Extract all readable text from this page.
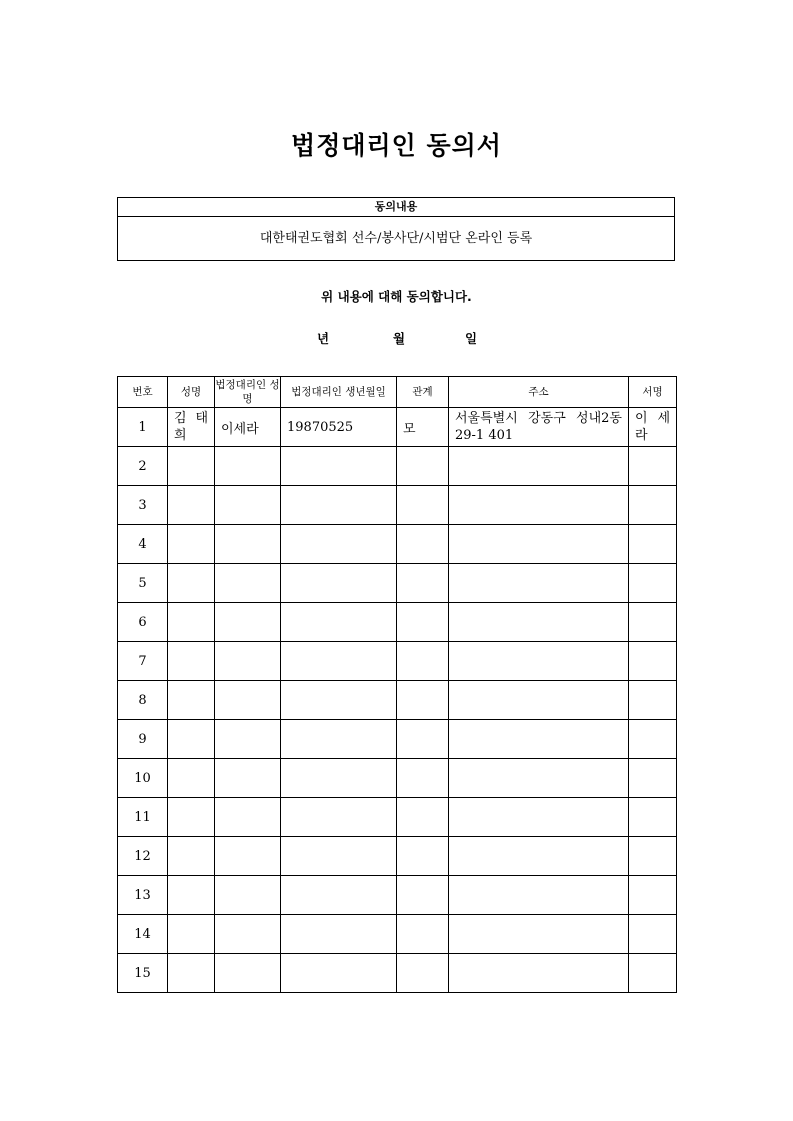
법정대리인 동의서
동의내용
대한태권도협회 선수/봉사단/시범단 온라인 등록
위 내용에 대해 동의합니다.
년	월	일
번호	성명	법정대리인 성명	법정대리인 생년월일	관계	주소	서명
1	김 태 희	이세라	19870525	모	서울특별시 강동구 성내2동 29-1 401	이 세 라
2						
3						
4						
5						
6						
7						
8						
9						
10						
11						
12						
13						
14						
15						
